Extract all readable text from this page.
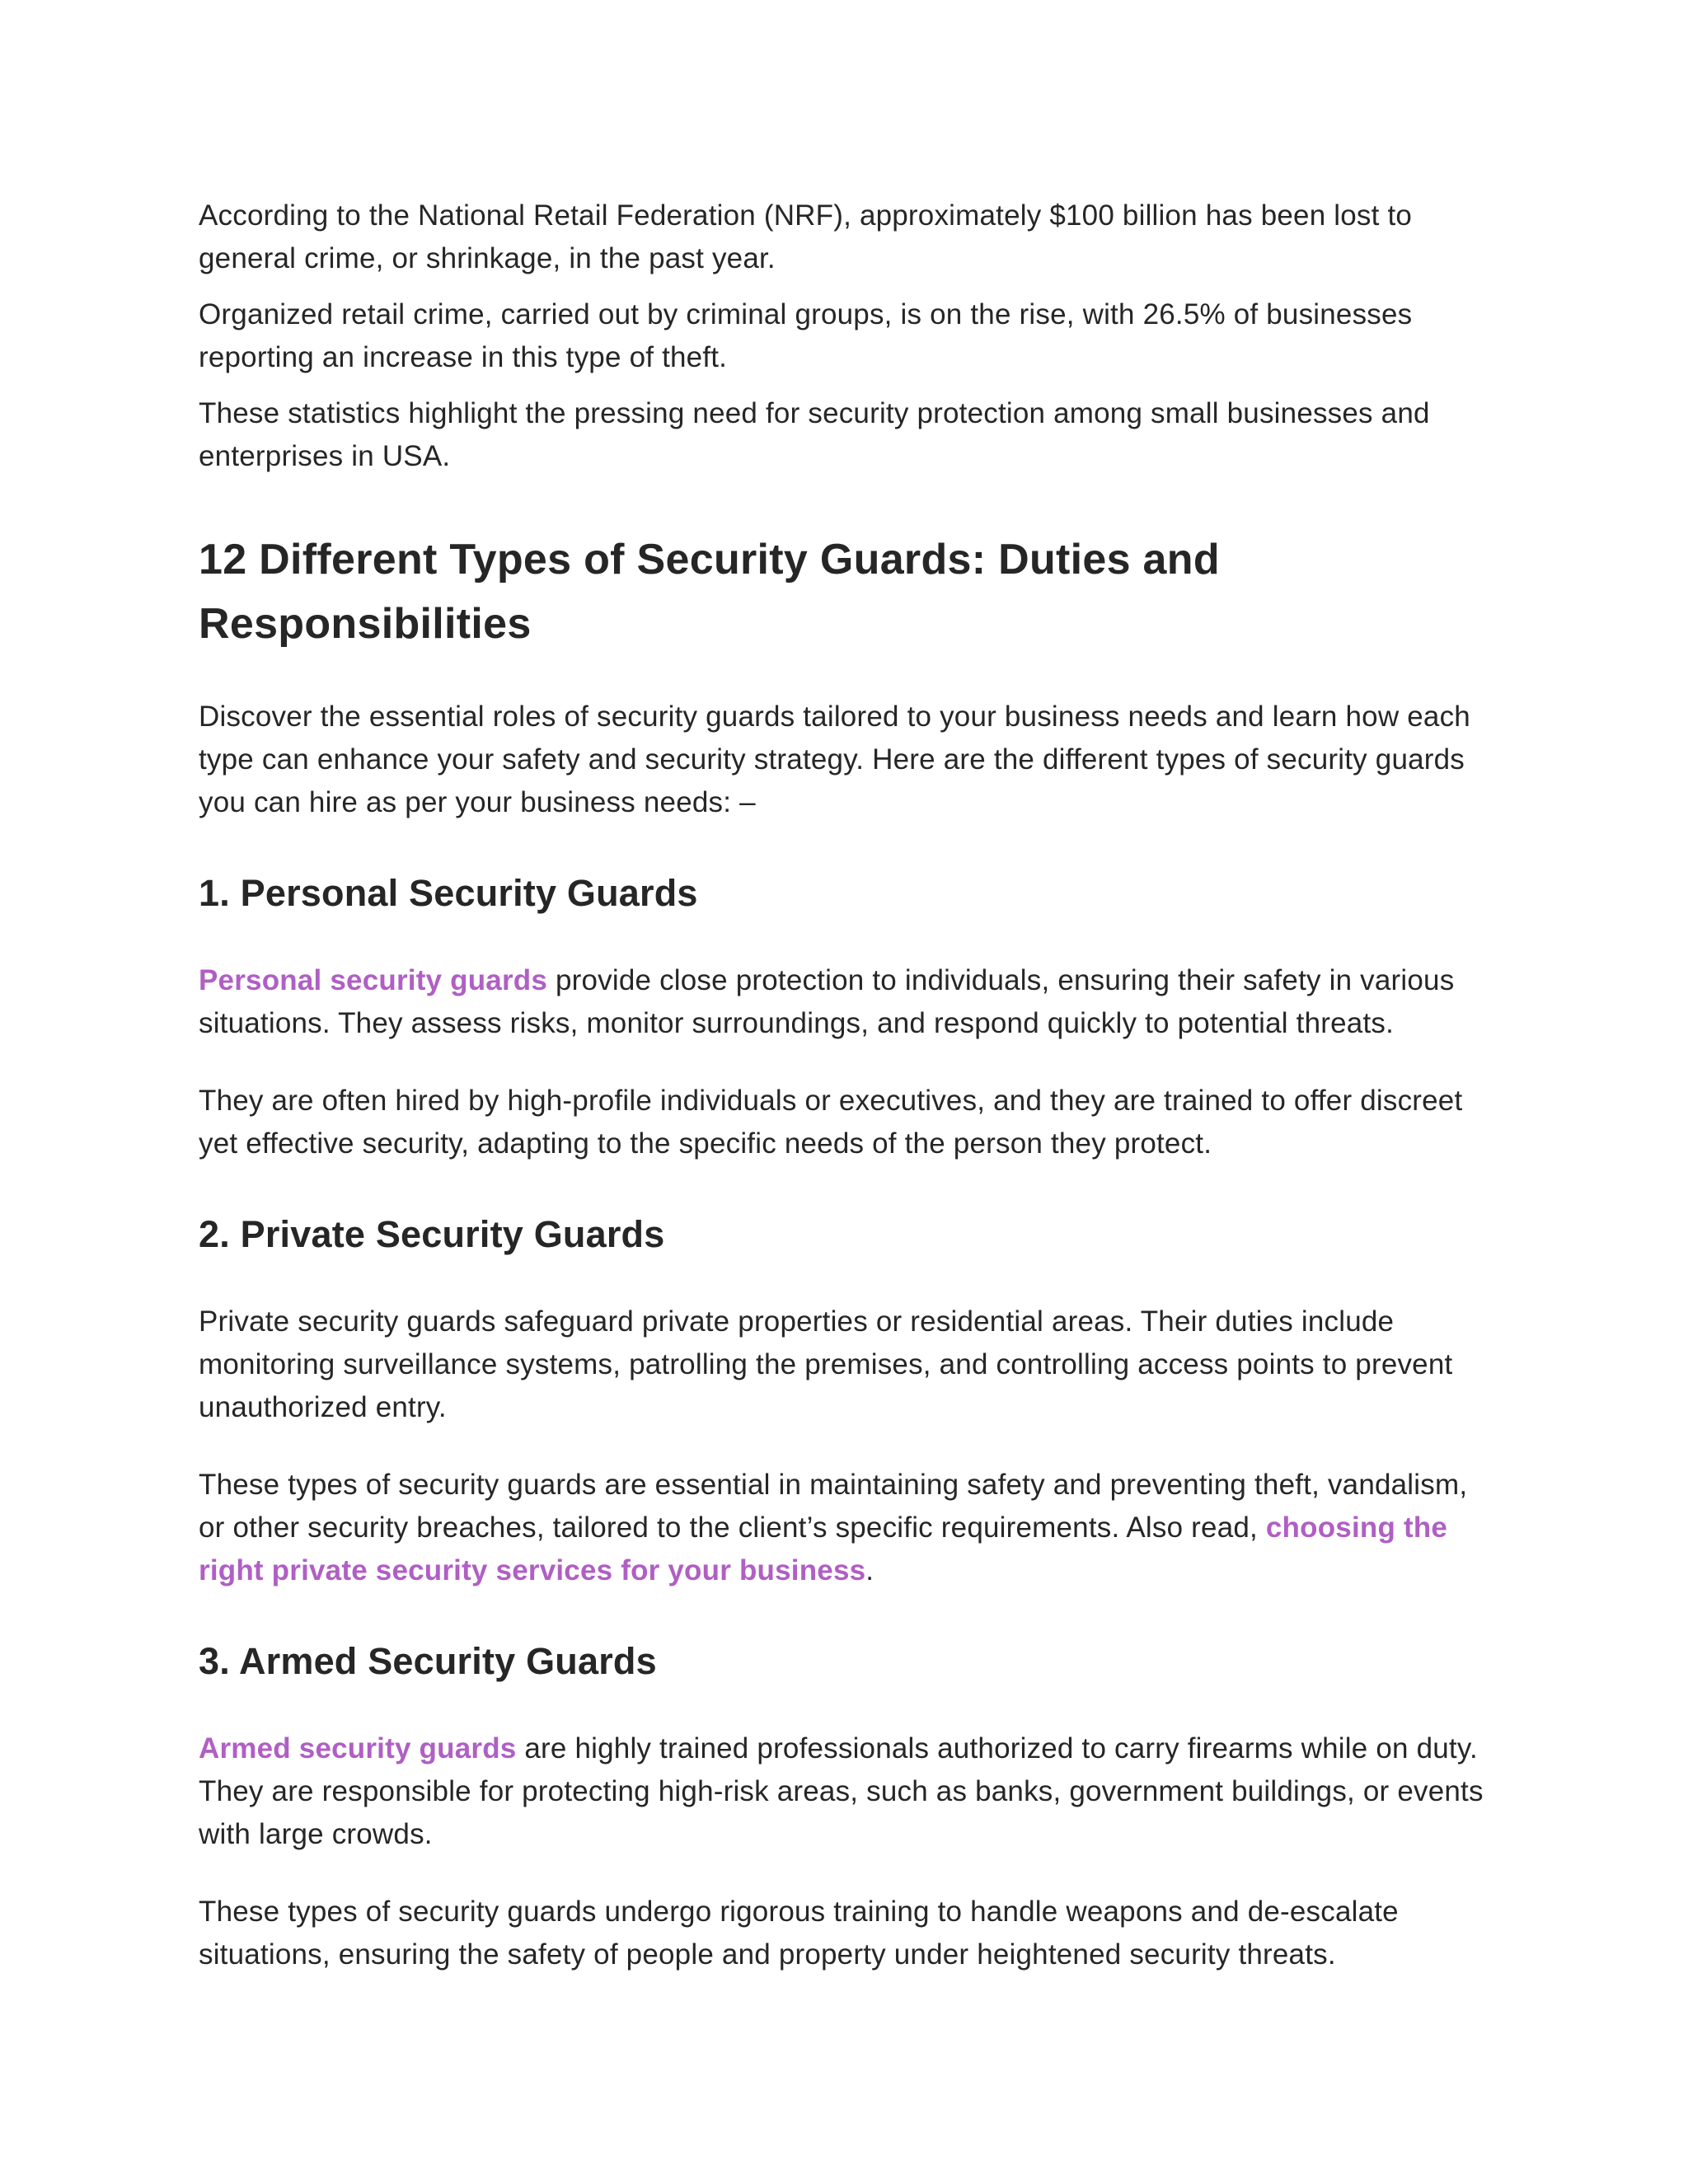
According to the National Retail Federation (NRF), approximately $100 billion has been lost to general crime, or shrinkage, in the past year.

Organized retail crime, carried out by criminal groups, is on the rise, with 26.5% of businesses reporting an increase in this type of theft.

These statistics highlight the pressing need for security protection among small businesses and enterprises in USA.

12 Different Types of Security Guards: Duties and Responsibilities

Discover the essential roles of security guards tailored to your business needs and learn how each type can enhance your safety and security strategy. Here are the different types of security guards you can hire as per your business needs: –

1. Personal Security Guards

Personal security guards provide close protection to individuals, ensuring their safety in various situations. They assess risks, monitor surroundings, and respond quickly to potential threats.

They are often hired by high-profile individuals or executives, and they are trained to offer discreet yet effective security, adapting to the specific needs of the person they protect.

2. Private Security Guards

Private security guards safeguard private properties or residential areas. Their duties include monitoring surveillance systems, patrolling the premises, and controlling access points to prevent unauthorized entry.

These types of security guards are essential in maintaining safety and preventing theft, vandalism, or other security breaches, tailored to the client’s specific requirements. Also read, choosing the right private security services for your business.

3. Armed Security Guards

Armed security guards are highly trained professionals authorized to carry firearms while on duty. They are responsible for protecting high-risk areas, such as banks, government buildings, or events with large crowds.

These types of security guards undergo rigorous training to handle weapons and de-escalate situations, ensuring the safety of people and property under heightened security threats.
